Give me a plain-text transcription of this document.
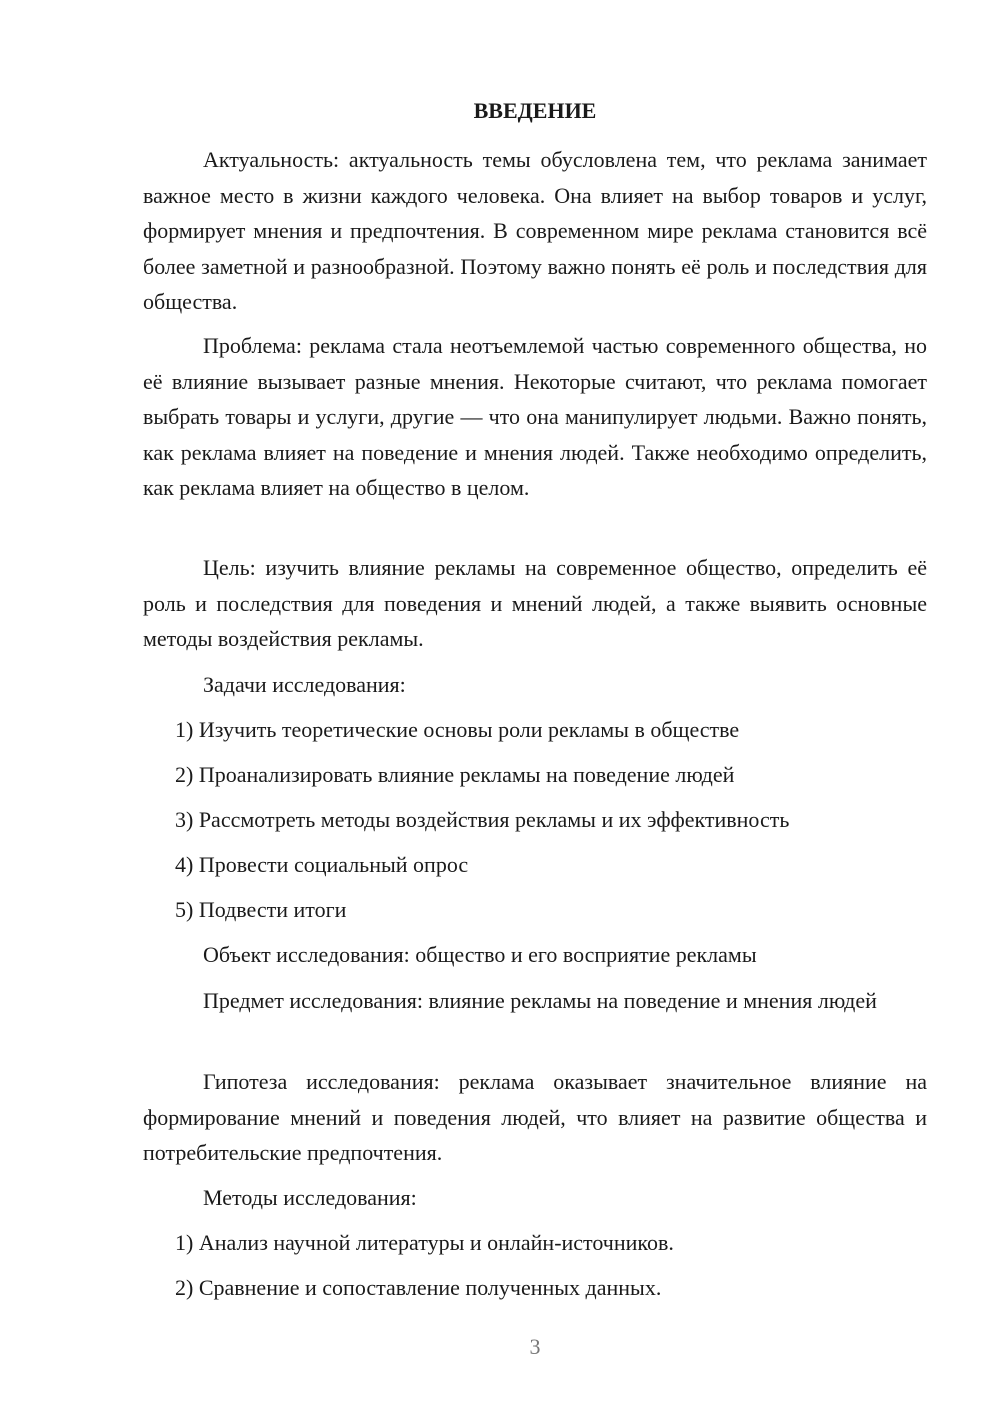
ВВЕДЕНИЕ

Актуальность: актуальность темы обусловлена тем, что реклама занимает важное место в жизни каждого человека. Она влияет на выбор товаров и услуг, формирует мнения и предпочтения. В современном мире реклама становится всё более заметной и разнообразной. Поэтому важно понять её роль и последствия для общества.

Проблема: реклама стала неотъемлемой частью современного общества, но её влияние вызывает разные мнения. Некоторые считают, что реклама помогает выбрать товары и услуги, другие — что она манипулирует людьми. Важно понять, как реклама влияет на поведение и мнения людей. Также необходимо определить, как реклама влияет на общество в целом.

Цель: изучить влияние рекламы на современное общество, определить её роль и последствия для поведения и мнений людей, а также выявить основные методы воздействия рекламы.

Задачи исследования:

1) Изучить теоретические основы роли рекламы в обществе

2) Проанализировать влияние рекламы на поведение людей

3) Рассмотреть методы воздействия рекламы и их эффективность

4) Провести социальный опрос

5) Подвести итоги

Объект исследования: общество и его восприятие рекламы

Предмет исследования: влияние рекламы на поведение и мнения людей

Гипотеза исследования: реклама оказывает значительное влияние на формирование мнений и поведения людей, что влияет на развитие общества и потребительские предпочтения.

Методы исследования:

1) Анализ научной литературы и онлайн-источников.

2) Сравнение и сопоставление полученных данных.

3
